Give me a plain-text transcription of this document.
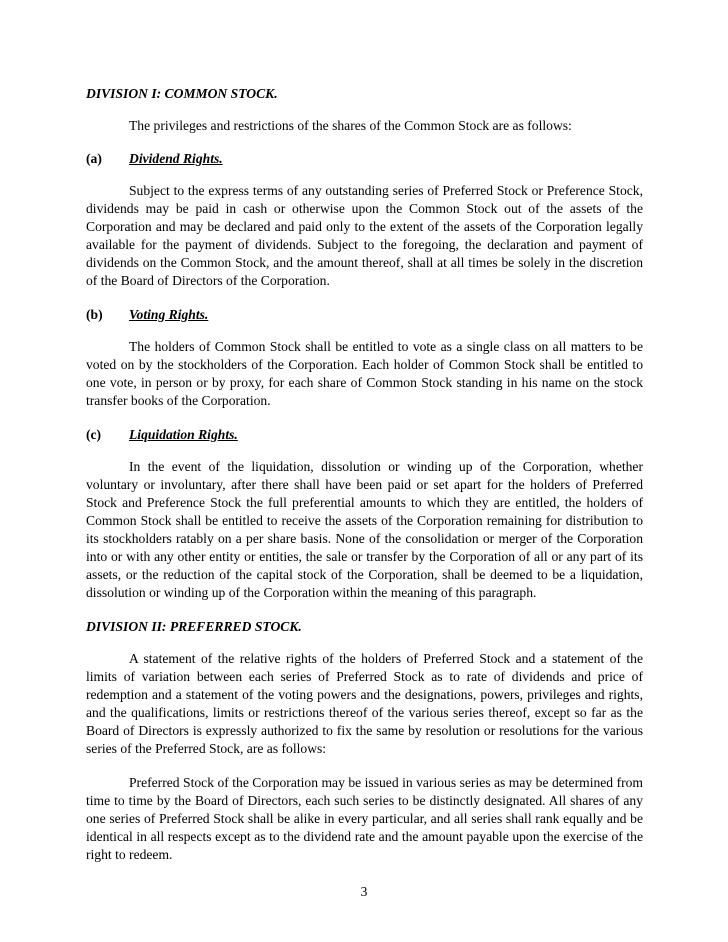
DIVISION I: COMMON STOCK.

The privileges and restrictions of the shares of the Common Stock are as follows:

(a)	Dividend Rights.

Subject to the express terms of any outstanding series of Preferred Stock or Preference Stock, dividends may be paid in cash or otherwise upon the Common Stock out of the assets of the Corporation and may be declared and paid only to the extent of the assets of the Corporation legally available for the payment of dividends. Subject to the foregoing, the declaration and payment of dividends on the Common Stock, and the amount thereof, shall at all times be solely in the discretion of the Board of Directors of the Corporation.

(b)	Voting Rights.

The holders of Common Stock shall be entitled to vote as a single class on all matters to be voted on by the stockholders of the Corporation. Each holder of Common Stock shall be entitled to one vote, in person or by proxy, for each share of Common Stock standing in his name on the stock transfer books of the Corporation.

(c)	Liquidation Rights.

In the event of the liquidation, dissolution or winding up of the Corporation, whether voluntary or involuntary, after there shall have been paid or set apart for the holders of Preferred Stock and Preference Stock the full preferential amounts to which they are entitled, the holders of Common Stock shall be entitled to receive the assets of the Corporation remaining for distribution to its stockholders ratably on a per share basis. None of the consolidation or merger of the Corporation into or with any other entity or entities, the sale or transfer by the Corporation of all or any part of its assets, or the reduction of the capital stock of the Corporation, shall be deemed to be a liquidation, dissolution or winding up of the Corporation within the meaning of this paragraph.

DIVISION II: PREFERRED STOCK.

A statement of the relative rights of the holders of Preferred Stock and a statement of the limits of variation between each series of Preferred Stock as to rate of dividends and price of redemption and a statement of the voting powers and the designations, powers, privileges and rights, and the qualifications, limits or restrictions thereof of the various series thereof, except so far as the Board of Directors is expressly authorized to fix the same by resolution or resolutions for the various series of the Preferred Stock, are as follows:

Preferred Stock of the Corporation may be issued in various series as may be determined from time to time by the Board of Directors, each such series to be distinctly designated. All shares of any one series of Preferred Stock shall be alike in every particular, and all series shall rank equally and be identical in all respects except as to the dividend rate and the amount payable upon the exercise of the right to redeem.

3
